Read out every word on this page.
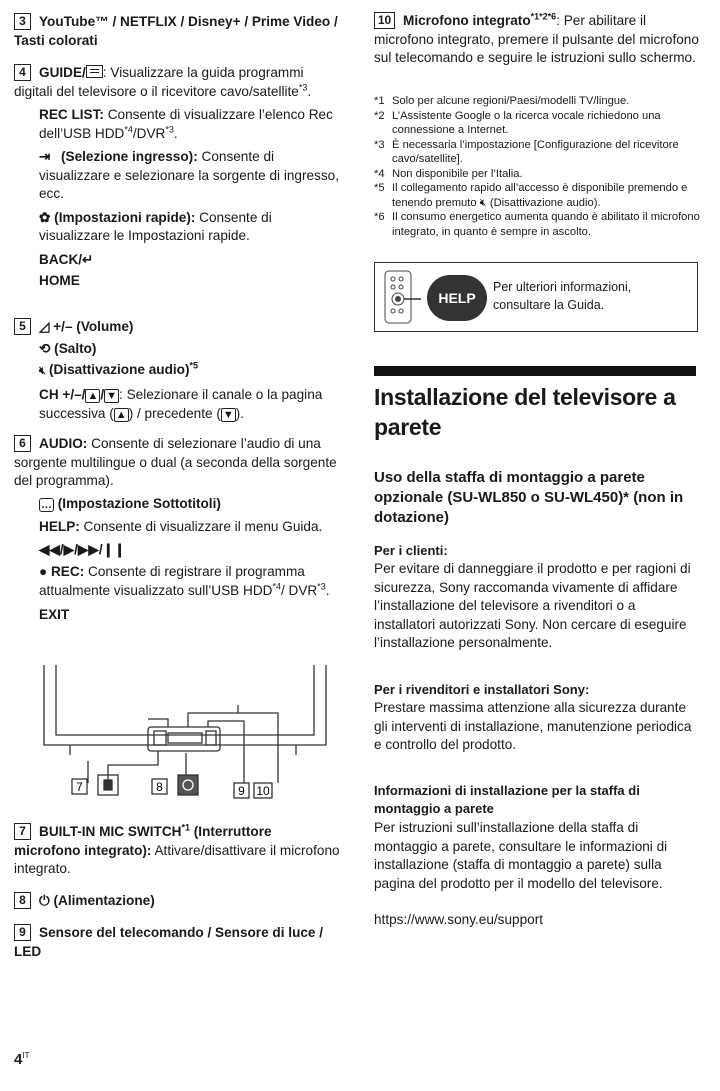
3 YouTube™ / NETFLIX / Disney+ / Prime Video / Tasti colorati

4 GUIDE/ : Visualizzare la guida programmi digitali del televisore o il ricevitore cavo/satellite$^{*3}$.

REC LIST: Consente di visualizzare l’elenco Rec dell’USB HDD$^{*4}$/DVR$^{*3}$.

⇥ (Selezione ingresso): Consente di visualizzare e selezionare la sorgente di ingresso, ecc.

✿ (Impostazioni rapide): Consente di visualizzare le Impostazioni rapide.

BACK/↵

HOME

5 ◿ +/– (Volume)

⟲ (Salto)

🔇︎ (Disattivazione audio)$^{*5}$

CH +/–/ ▲ / ▼ : Selezionare il canale o la pagina successiva ( ▲ ) / precedente ( ▼ ).

6 AUDIO: Consente di selezionare l’audio di una sorgente multilingue o dual (a seconda della sorgente del programma).

… (Impostazione Sottotitoli)

HELP: Consente di visualizzare il menu Guida.

◀◀/▶/▶▶/❙❙

● REC: Consente di registrare il programma attualmente visualizzato sull’USB HDD$^{*4}$/ DVR$^{*3}$.

EXIT

7	8	9 10

7 BUILT-IN MIC SWITCH$^{*1}$ (Interruttore microfono integrato): Attivare/disattivare il microfono integrato.

8 ⏻ (Alimentazione)

9 Sensore del telecomando / Sensore di luce / LED

10 Microfono integrato$^{*1*2*6}$: Per abilitare il microfono integrato, premere il pulsante del microfono sul telecomando e seguire le istruzioni sullo schermo.

*1 Solo per alcune regioni/Paesi/modelli TV/lingue.
*2 L’Assistente Google o la ricerca vocale richiedono una connessione a Internet.
*3 È necessaria l’impostazione [Configurazione del ricevitore cavo/satellite].
*4 Non disponibile per l’Italia.
*5 Il collegamento rapido all’accesso è disponibile premendo e tenendo premuto 🔇︎ (Disattivazione audio).
*6 Il consumo energetico aumenta quando è abilitato il microfono integrato, in quanto è sempre in ascolto.
HELP
Per ulteriori informazioni, consultare la Guida.
Installazione del televisore a parete
Uso della staffa di montaggio a parete opzionale (SU-WL850 o SU-WL450)* (non in dotazione)
Per i clienti:
Per evitare di danneggiare il prodotto e per ragioni di sicurezza, Sony raccomanda vivamente di affidare l’installazione del televisore a rivenditori o a installatori autorizzati Sony. Non cercare di eseguire l’installazione personalmente.
Per i rivenditori e installatori Sony:
Prestare massima attenzione alla sicurezza durante gli interventi di installazione, manutenzione periodica e controllo del prodotto.
Informazioni di installazione per la staffa di montaggio a parete
Per istruzioni sull’installazione della staffa di montaggio a parete, consultare le informazioni di installazione (staffa di montaggio a parete) sulla pagina del prodotto per il modello del televisore.
https://www.sony.eu/support
$4^{IT}$
